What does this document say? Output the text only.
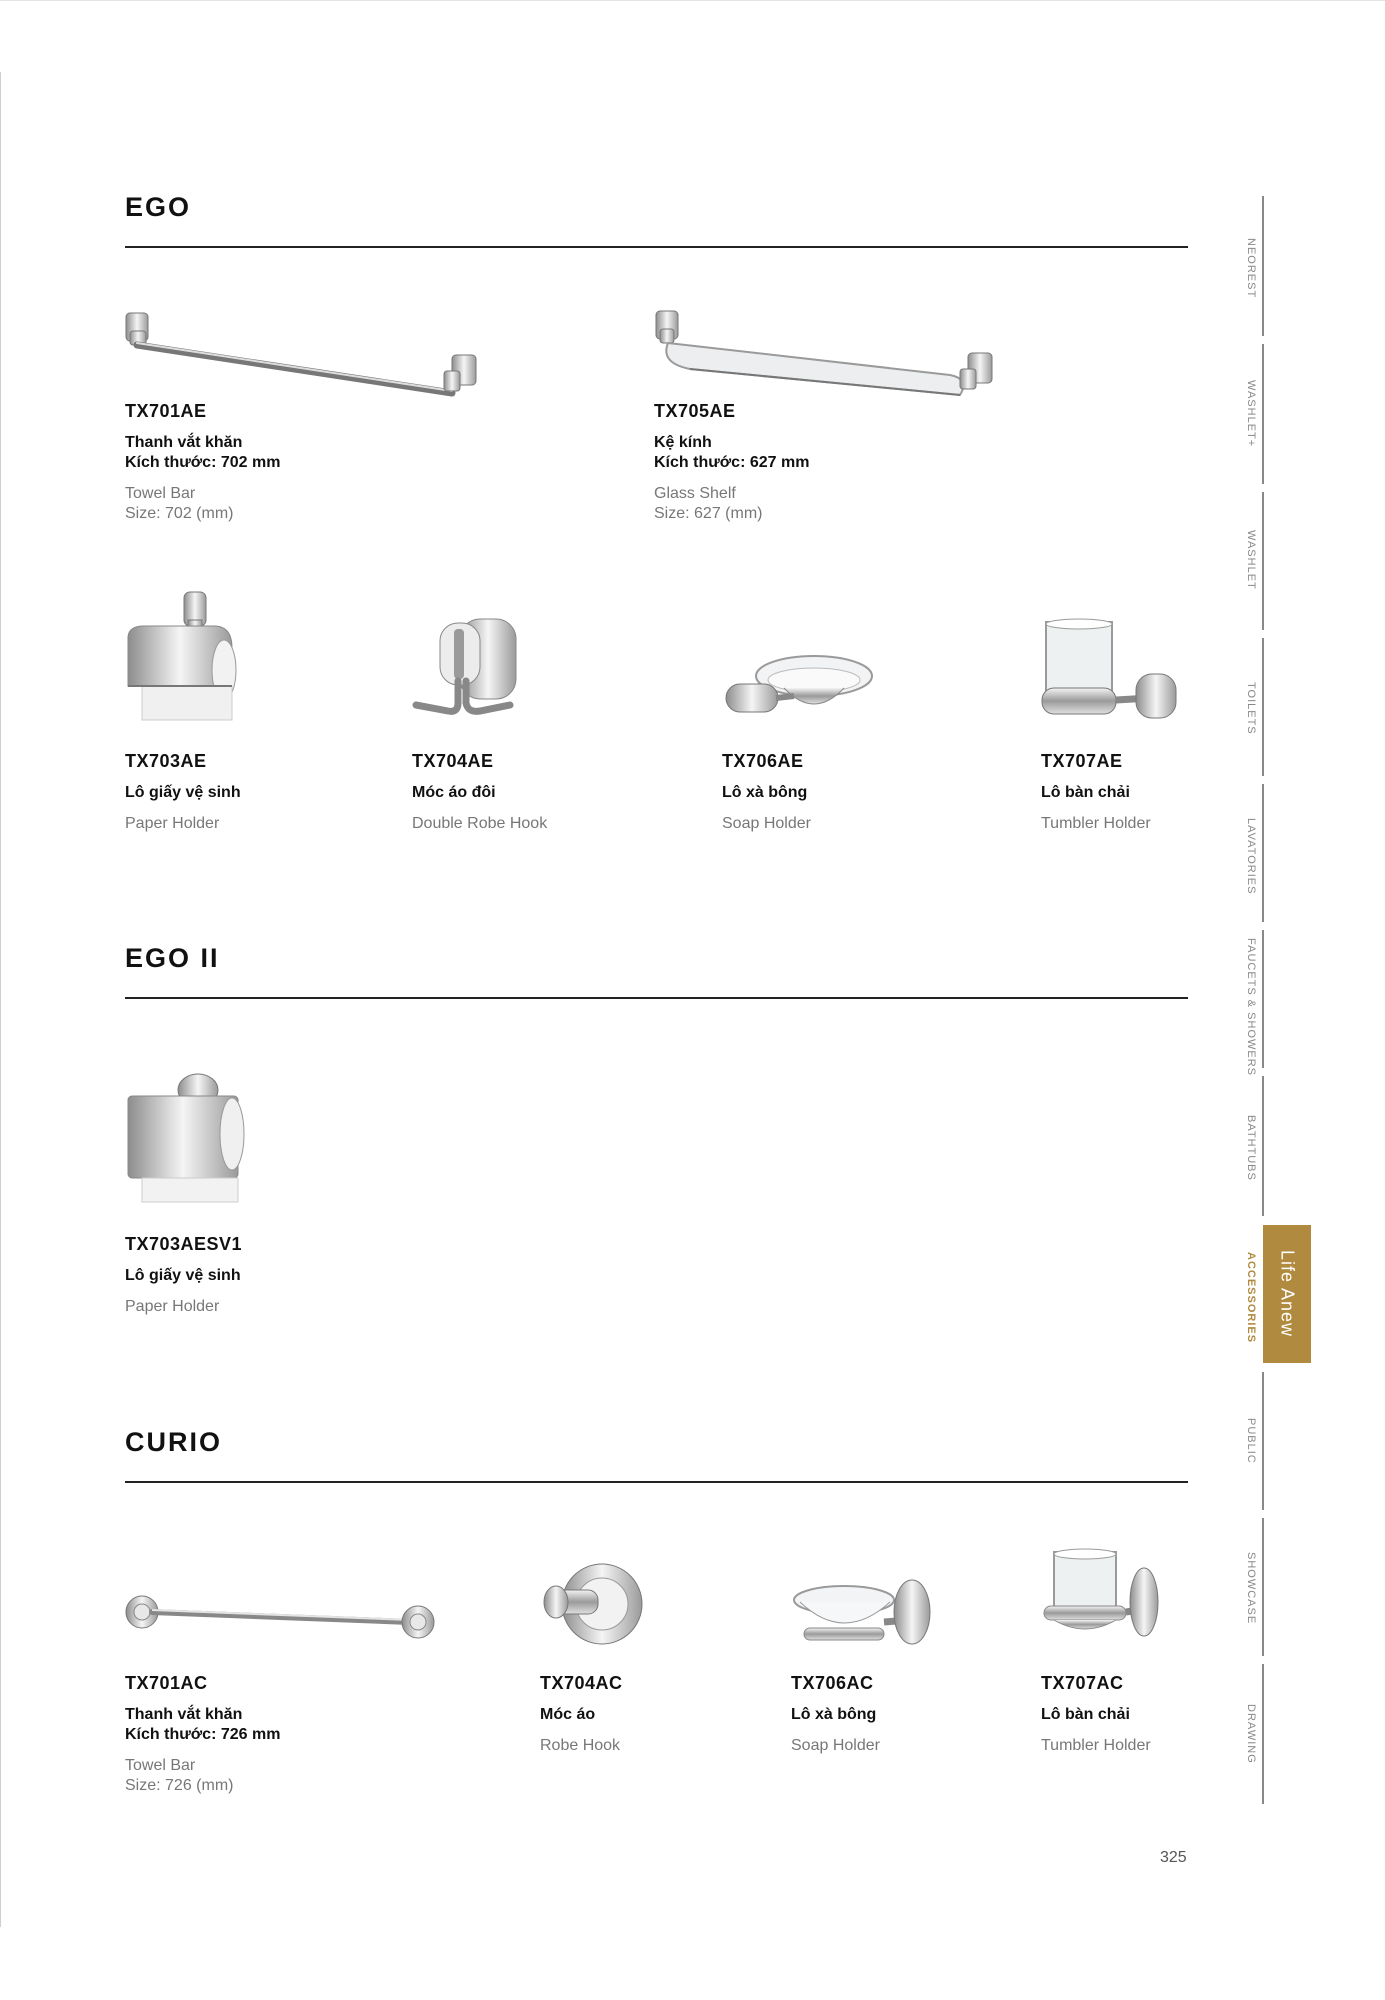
EGO
TX701AE
Thanh vắt khăn
Kích thước: 702 mm
Towel Bar
Size: 702 (mm)
TX705AE
Kệ kính
Kích thước: 627 mm
Glass Shelf
Size: 627 (mm)
TX703AE
Lô giấy vệ sinh
Paper Holder
TX704AE
Móc áo đôi
Double Robe Hook
TX706AE
Lô xà bông
Soap Holder
TX707AE
Lô bàn chải
Tumbler Holder
EGO II
TX703AESV1
Lô giấy vệ sinh
Paper Holder
CURIO
TX701AC
Thanh vắt khăn
Kích thước: 726 mm
Towel Bar
Size: 726 (mm)
TX704AC
Móc áo
Robe Hook
TX706AC
Lô xà bông
Soap Holder
TX707AC
Lô bàn chải
Tumbler Holder
NEOREST
WASHLET+
WASHLET
TOILETS
LAVATORIES
FAUCETS & SHOWERS
BATHTUBS
ACCESSORIES	Life Anew
PUBLIC
SHOWCASE
DRAWING
325
